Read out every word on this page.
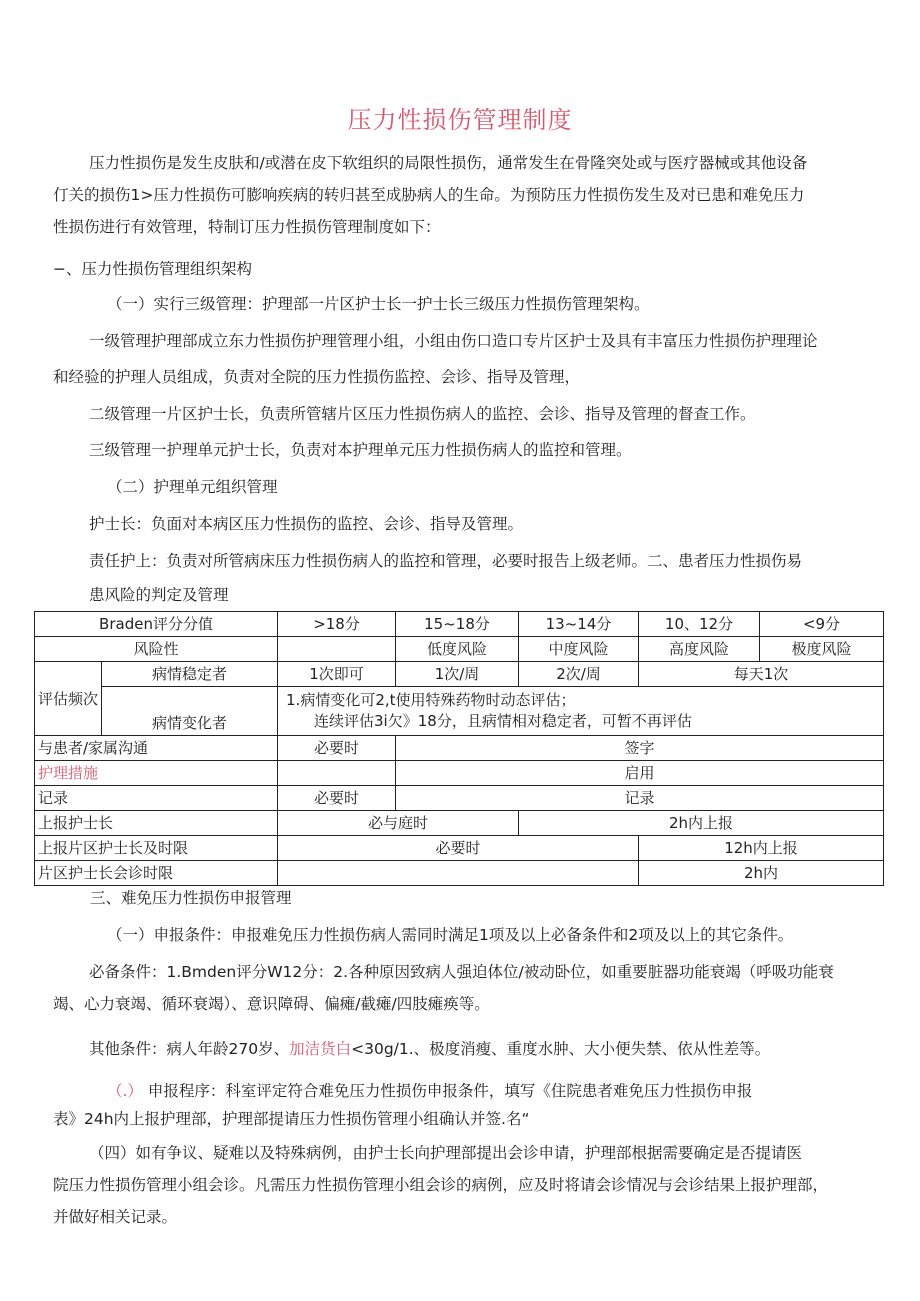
压力性损伤管理制度
压力性损伤是发生皮肤和/或潜在皮下软组织的局限性损伤，通常发生在骨隆突处或与医疗器械或其他设备
仃关的损伤1>压力性损伤可膨响疾病的转归甚至成胁病人的生命。为预防压力性损伤发生及对已患和难免压力
性损伤进行有效管理，特制订压力性损伤管理制度如下：
−、压力性损伤管理组织架构
（一）实行三级管理：护理部一片区护士长一护士长三级压力性损伤管理架构。
一级管理护理部成立东力性损伤护理管理小组，小组由伤口造口专片区护士及具有丰富压力性损伤护理理论
和经验的护理人员组成，负责对全院的压力性损伤监控、会诊、指导及管理，
二级管理一片区护士长，负责所管辖片区压力性损伤病人的监控、会诊、指导及管理的督查工作。
三级管理一护理单元护士长，负责对本护理单元压力性损伤病人的监控和管理。
（二）护理单元组织管理
护士长：负面对本病区压力性损伤的监控、会诊、指导及管理。
责任护上：负责对所管病床压力性损伤病人的监控和管理，必要时报告上级老师。二、患者压力性损伤易
患风险的判定及管理
Braden评分分值		>18分	15~18分	13~14分	10、12分	<9分
风险性			低度风险	中度风险	高度风险	极度风险
评估频次	病情稳定者	1次即可	1次/周	2次/周	每天1次	
	病情变化者	1.病情变化可2,t使用特殊药物时动态评估；
连续评估3i欠》18分，且病情相对稳定者，可暂不再评估				

与患者/家属沟通		必要时	签字			
护理措施			启用			
记录		必要时	记录			
上报护士长		必与庭时		2h内上报		
上报片区护士长及时限		必要时			12h内上报	
片区护士长会诊时限					2h内	
三、难免压力性损伤申报管理
（一）申报条件：申报难免压力性损伤病人需同时满足1项及以上必备条件和2项及以上的其它条件。
必备条件：1.Bmden评分W12分：2.各种原因致病人强迫体位/被动卧位，如重要脏器功能衰竭（呼吸功能衰
竭、心力衰竭、循环衰竭）、意识障碍、偏瘫/截瘫/四肢瘫痪等。
其他条件：病人年龄270岁、加洁货白<30g∕1.、极度消瘦、重度水肿、大小便失禁、依从性差等。
（.） 申报程序：科室评定符合难免压力性损伤申报条件，填写《住院患者难免压力性损伤申报
表》24h内上报护理部，护理部提请压力性损伤管理小组确认并签.名“
（四）如有争议、疑难以及特殊病例，由护士长向护理部提出会诊申请，护理部根据需要确定是否提请医
院压力性损伤管理小组会诊。凡需压力性损伤管理小组会诊的病例，应及时将请会诊情况与会诊结果上报护理部，
并做好相关记录。
